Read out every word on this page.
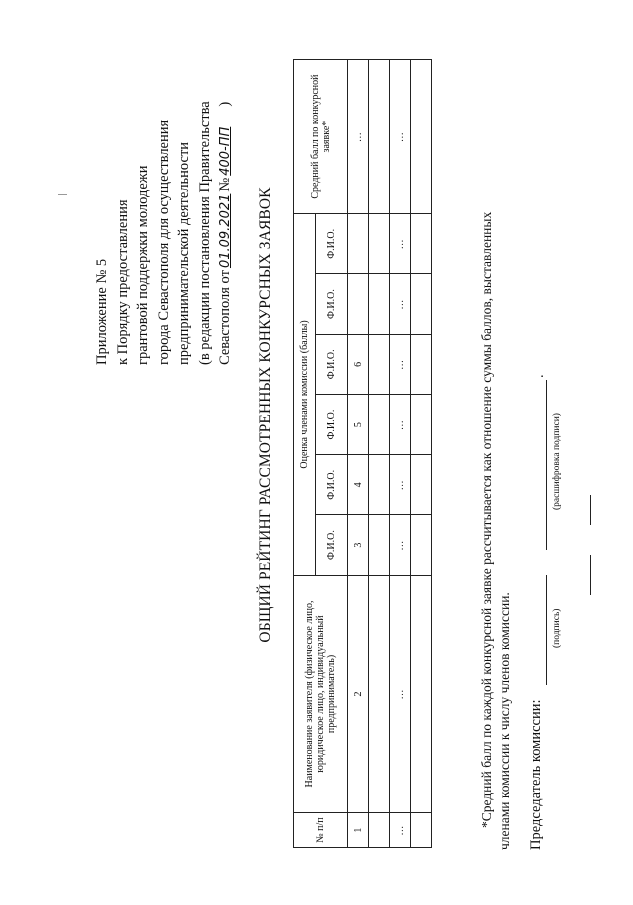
Приложение № 5 к Порядку предоставления грантовой поддержки молодежи города Севастополя для осуществления предпринимательской деятельности (в редакции постановления Правительства Севастополя от01.09.2021№400-ПП     )
ОБЩИЙ РЕЙТИНГ РАССМОТРЕННЫХ КОНКУРСНЫХ ЗАЯВОК
№ п/п	Наименование заявителя (физическое лицо, юридическое лицо, индивидуальный предприниматель)	Оценка членами комиссии (баллы)						Средний балл по конкурсной заявке*
		Ф.И.О.	Ф.И.О.	Ф.И.О.	Ф.И.О.	Ф.И.О.	Ф.И.О.	
1	2	3	4	5	6			…

…	…	…	…	…	…	…	…	…

*Средний балл по каждой конкурсной заявке рассчитывается как отношение суммы баллов, выставленных членами комиссии к числу членов комиссии. Председатель комиссии:
(подпись)
(расшифровка подписи)
.
